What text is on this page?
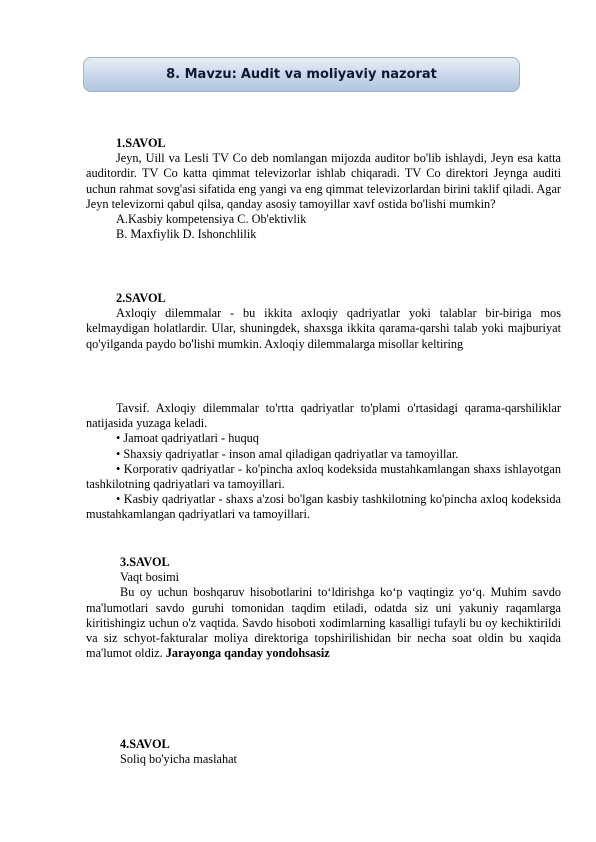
8. Mavzu: Audit va moliyaviy nazorat

1.SAVOL

Jeyn, Uill va Lesli TV Co deb nomlangan mijozda auditor bo'lib ishlaydi, Jeyn esa katta auditordir. TV Co katta qimmat televizorlar ishlab chiqaradi. TV Co direktori Jeynga auditi uchun rahmat sovg'asi sifatida eng yangi va eng qimmat televizorlardan birini taklif qiladi. Agar Jeyn televizorni qabul qilsa, qanday asosiy tamoyillar xavf ostida bo'lishi mumkin?

A.Kasbiy kompetensiya C. Ob'ektivlik

B. Maxfiylik D. Ishonchlilik

2.SAVOL

Axloqiy dilemmalar - bu ikkita axloqiy qadriyatlar yoki talablar bir-biriga mos kelmaydigan holatlardir. Ular, shuningdek, shaxsga ikkita qarama-qarshi talab yoki majburiyat qo'yilganda paydo bo'lishi mumkin. Axloqiy dilemmalarga misollar keltiring

Tavsif. Axloqiy dilemmalar to'rtta qadriyatlar to'plami o'rtasidagi qarama-qarshiliklar natijasida yuzaga keladi.

• Jamoat qadriyatlari - huquq

• Shaxsiy qadriyatlar - inson amal qiladigan qadriyatlar va tamoyillar.

• Korporativ qadriyatlar - ko'pincha axloq kodeksida mustahkamlangan shaxs ishlayotgan tashkilotning qadriyatlari va tamoyillari.

• Kasbiy qadriyatlar - shaxs a'zosi bo'lgan kasbiy tashkilotning ko'pincha axloq kodeksida mustahkamlangan qadriyatlari va tamoyillari.

3.SAVOL

Vaqt bosimi

Bu oy uchun boshqaruv hisobotlarini to‘ldirishga ko‘p vaqtingiz yo‘q. Muhim savdo ma'lumotlari savdo guruhi tomonidan taqdim etiladi, odatda siz uni yakuniy raqamlarga kiritishingiz uchun o'z vaqtida. Savdo hisoboti xodimlarning kasalligi tufayli bu oy kechiktirildi va siz schyot-fakturalar moliya direktoriga topshirilishidan bir necha soat oldin bu xaqida ma'lumot oldiz. Jarayonga qanday yondohsasiz

4.SAVOL

Soliq bo'yicha maslahat
